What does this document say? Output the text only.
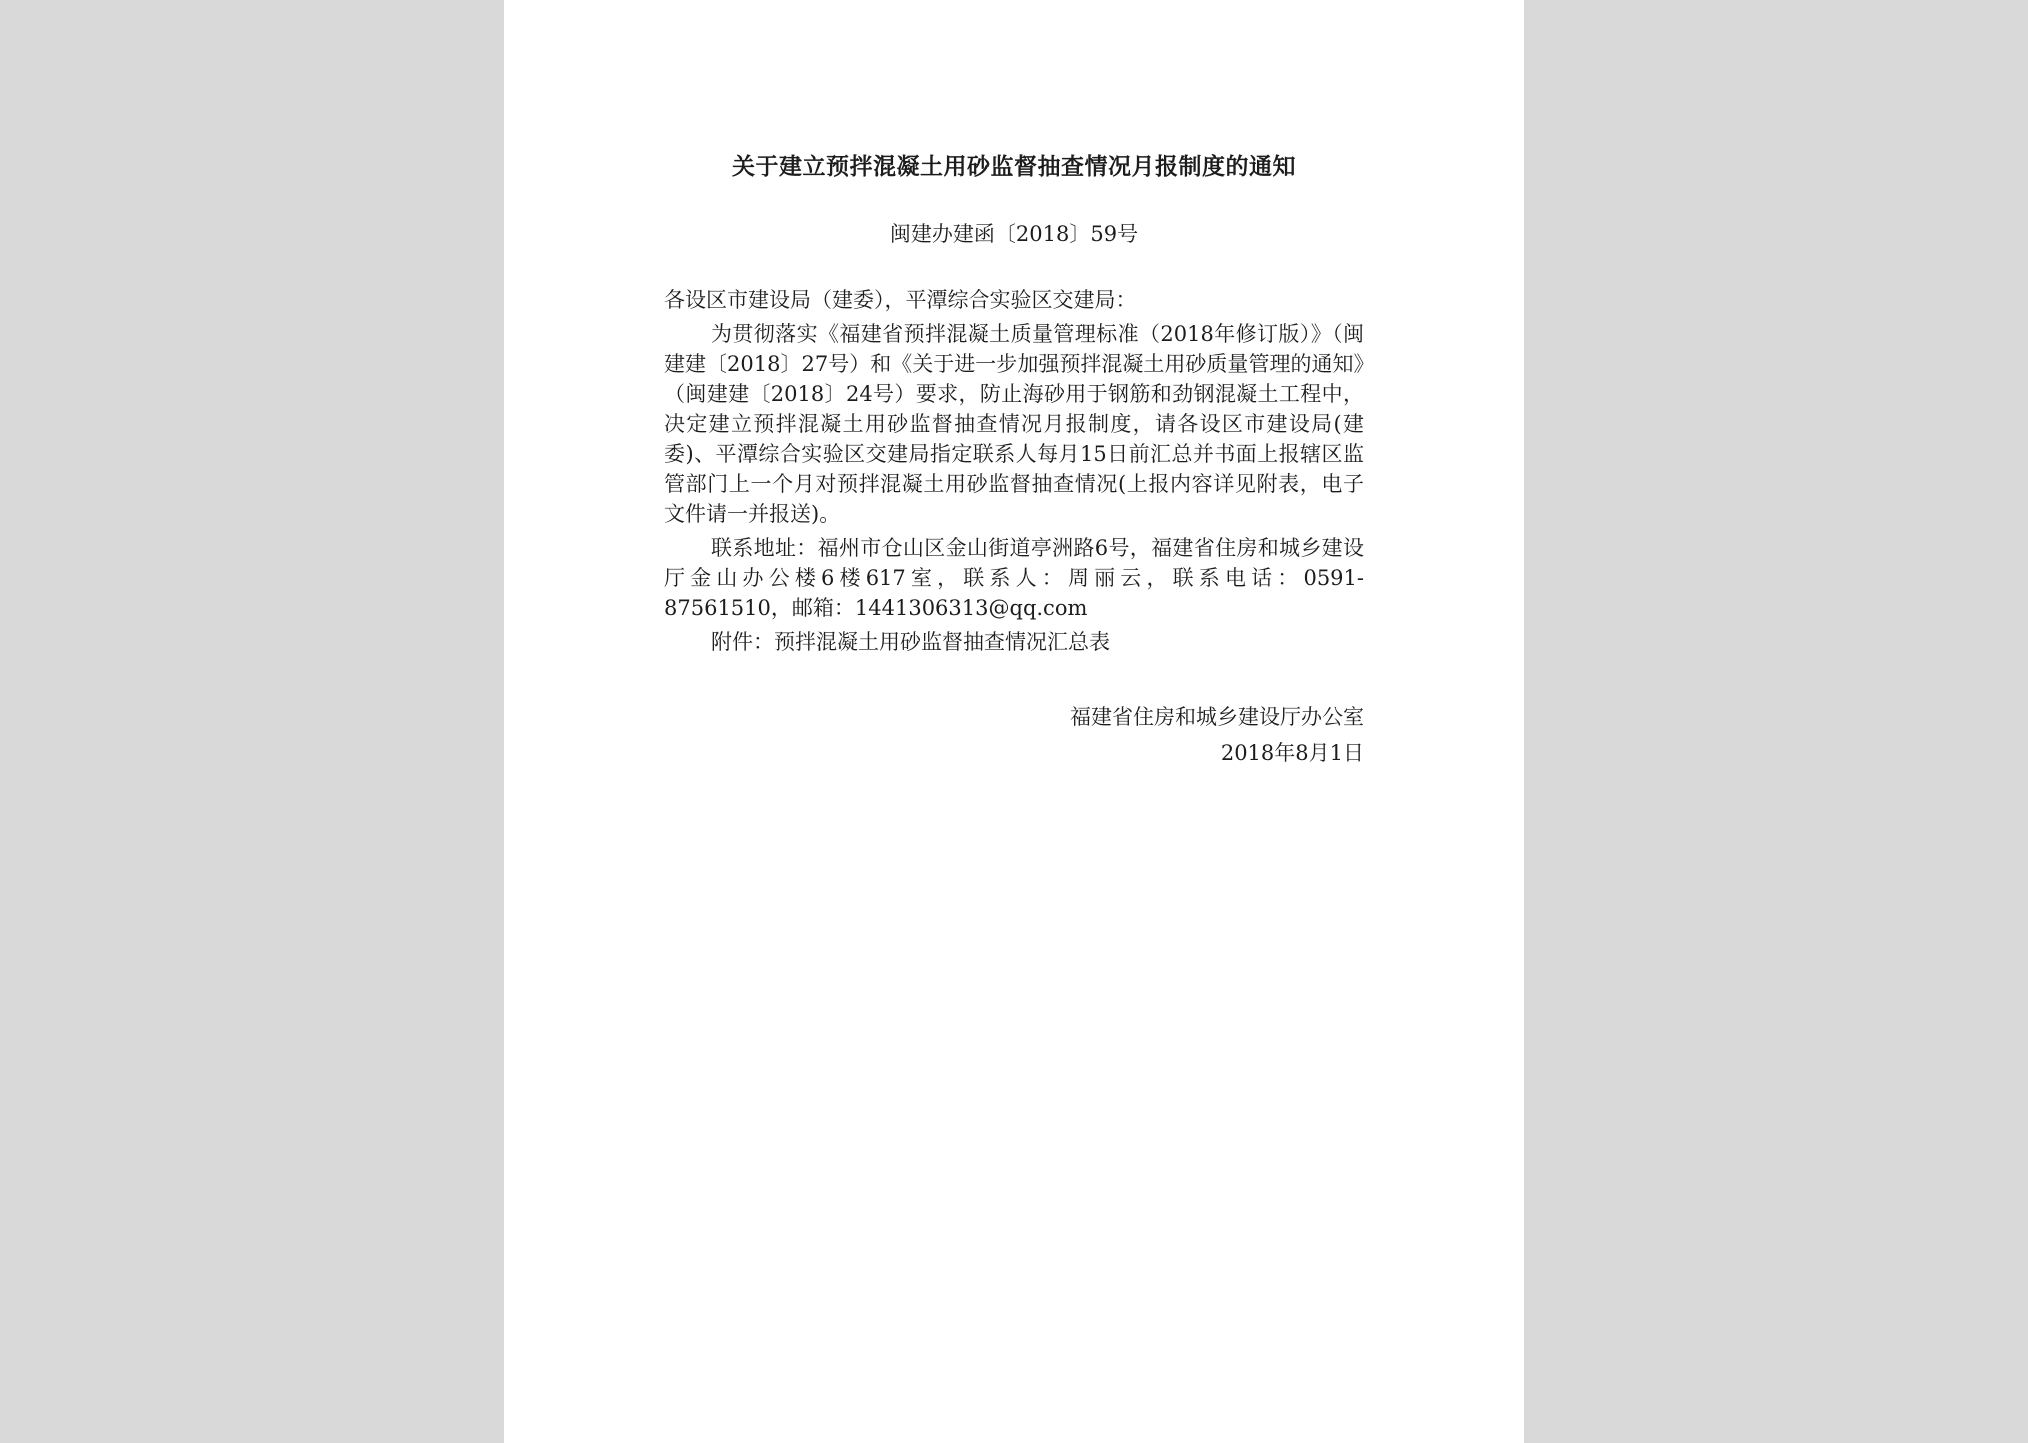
关于建立预拌混凝土用砂监督抽查情况月报制度的通知
闽建办建函〔2018〕59号
各设区市建设局（建委），平潭综合实验区交建局：
为贯彻落实《福建省预拌混凝土质量管理标准（2018年修订版）》（闽建建〔2018〕27号）和《关于进一步加强预拌混凝土用砂质量管理的通知》（闽建建〔2018〕24号）要求，防止海砂用于钢筋和劲钢混凝土工程中，决定建立预拌混凝土用砂监督抽查情况月报制度，请各设区市建设局(建委)、平潭综合实验区交建局指定联系人每月15日前汇总并书面上报辖区监管部门上一个月对预拌混凝土用砂监督抽查情况(上报内容详见附表，电子文件请一并报送)。
联系地址：福州市仓山区金山街道亭洲路6号，福建省住房和城乡建设厅金山办公楼6楼617室，联系人：周丽云，联系电话：0591-87561510，邮箱：1441306313@qq.com
附件：预拌混凝土用砂监督抽查情况汇总表
福建省住房和城乡建设厅办公室
2018年8月1日
